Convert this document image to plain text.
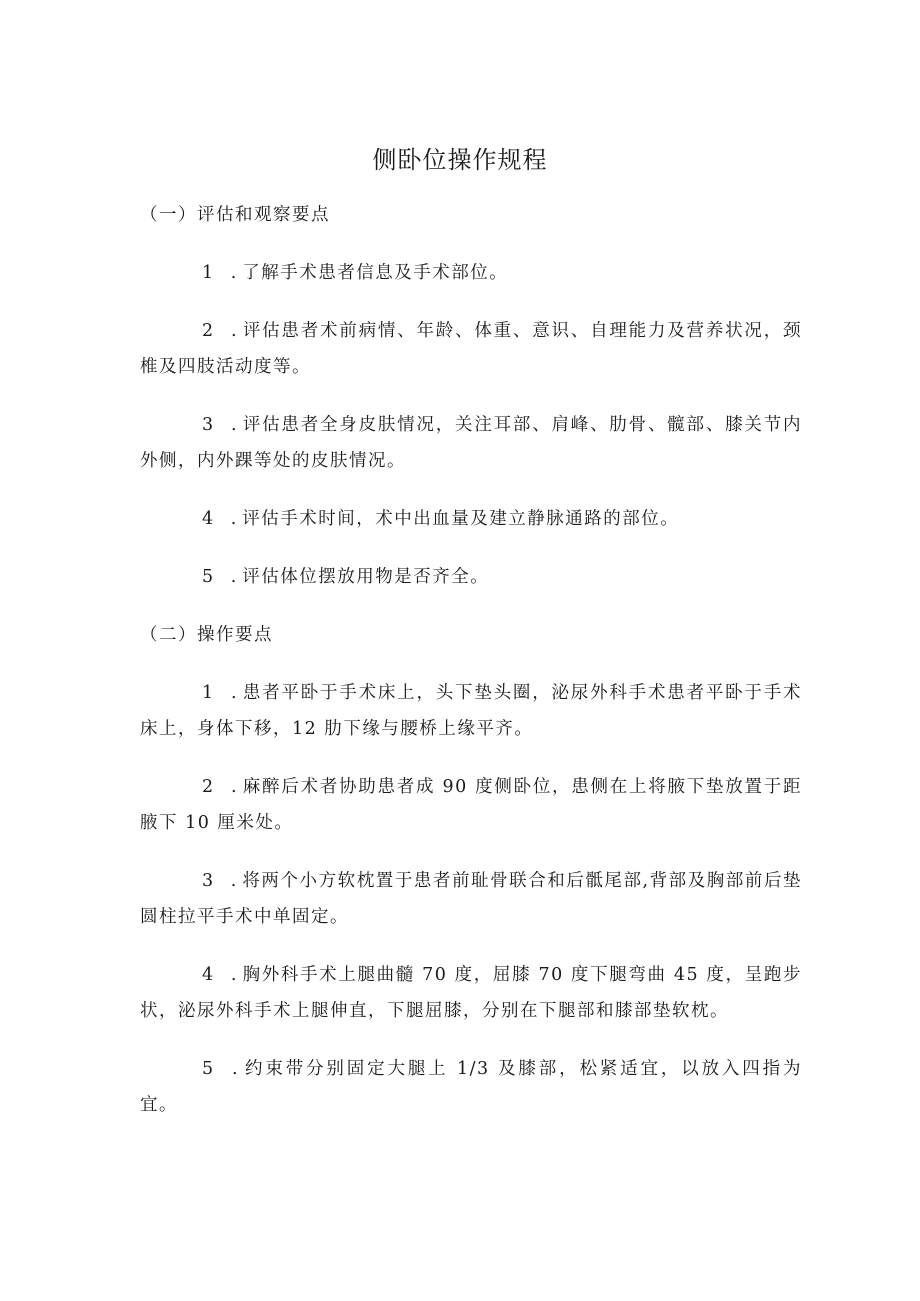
侧卧位操作规程
（一）评估和观察要点

1 .了解手术患者信息及手术部位。

2 .评估患者术前病情、年龄、体重、意识、自理能力及营养状况，颈椎及四肢活动度等。

3 .评估患者全身皮肤情况，关注耳部、肩峰、肋骨、髋部、膝关节内外侧，内外踝等处的皮肤情况。

4 .评估手术时间，术中出血量及建立静脉通路的部位。

5 .评估体位摆放用物是否齐全。

（二）操作要点

1 .患者平卧于手术床上，头下垫头圈，泌尿外科手术患者平卧于手术床上，身体下移，12 肋下缘与腰桥上缘平齐。

2 .麻醉后术者协助患者成 90 度侧卧位，患侧在上将腋下垫放置于距腋下 10 厘米处。

3 .将两个小方软枕置于患者前耻骨联合和后骶尾部,背部及胸部前后垫圆柱拉平手术中单固定。

4 .胸外科手术上腿曲髓 70 度，屈膝 70 度下腿弯曲 45 度，呈跑步状，泌尿外科手术上腿伸直，下腿屈膝，分别在下腿部和膝部垫软枕。

5 .约束带分别固定大腿上 1/3 及膝部，松紧适宜，以放入四指为宜。
